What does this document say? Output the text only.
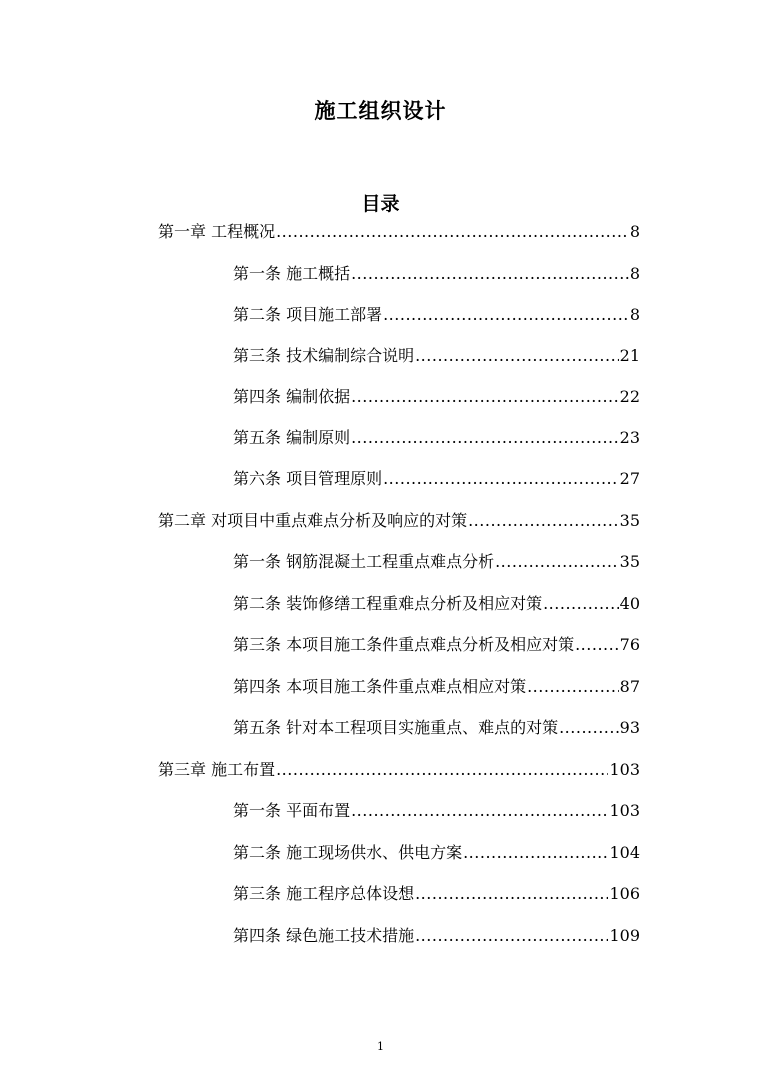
施工组织设计
目录
第一章 工程概况 .....	8
第一条 施工概括 .....	8
第二条 项目施工部署 .....	8
第三条 技术编制综合说明 .....	21
第四条 编制依据 .....	22
第五条 编制原则 .....	23
第六条 项目管理原则 .....	27
第二章 对项目中重点难点分析及响应的对策 .....	35
第一条 钢筋混凝土工程重点难点分析 .....	35
第二条 装饰修缮工程重难点分析及相应对策 .....	40
第三条 本项目施工条件重点难点分析及相应对策 .....	76
第四条 本项目施工条件重点难点相应对策 .....	87
第五条 针对本工程项目实施重点、难点的对策 .....	93
第三章 施工布置 .....	103
第一条 平面布置 .....	103
第二条 施工现场供水、供电方案 .....	104
第三条 施工程序总体设想 .....	106
第四条 绿色施工技术措施 .....	109
1
